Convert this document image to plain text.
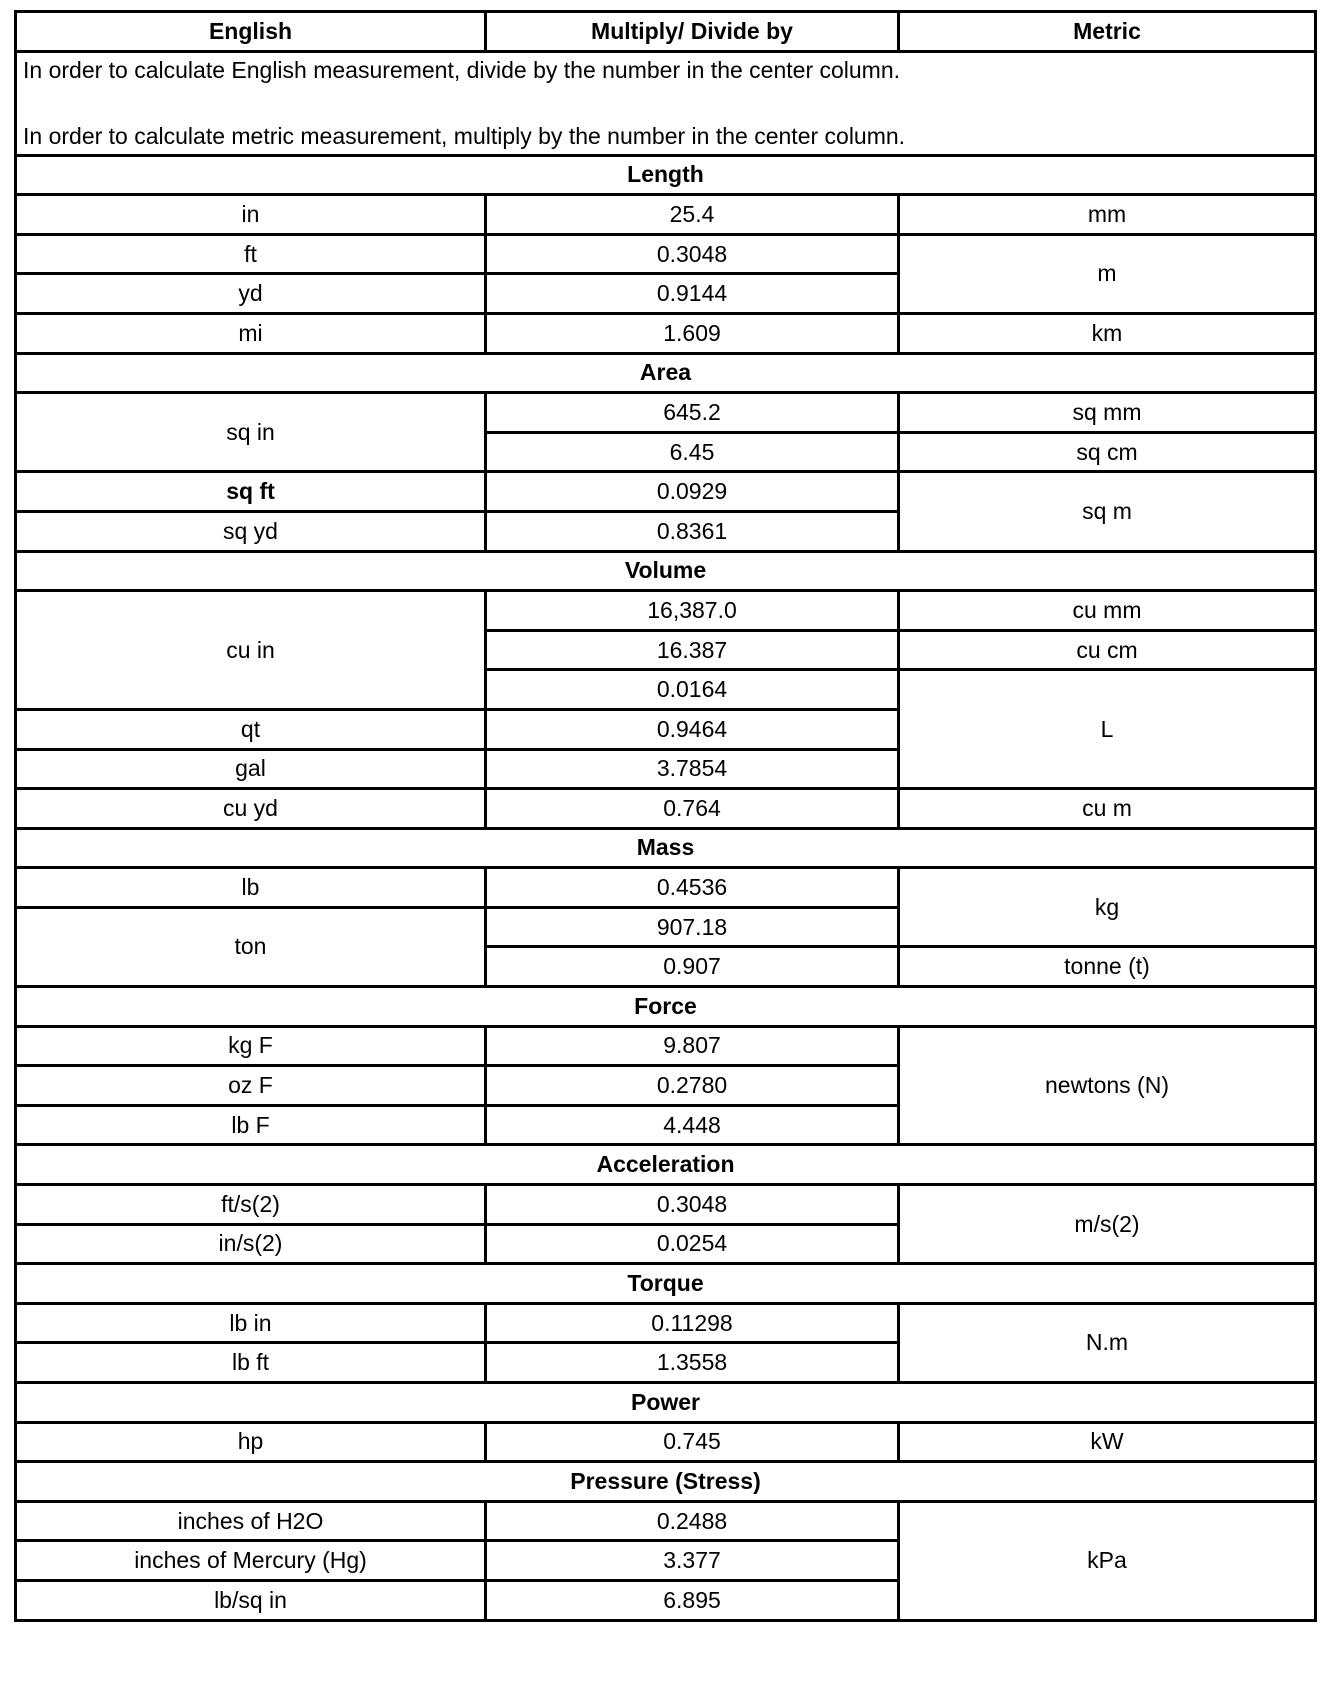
English	Multiply/ Divide by	Metric

In order to calculate English measurement, divide by the number in the center column.
In order to calculate metric measurement, multiply by the number in the center column.		

Length		
in	25.4	mm
ft	0.3048	m
yd	0.9144	
mi	1.609	km
Area		
sq in	645.2	sq mm
	6.45	sq cm
sq ft	0.0929	sq m
sq yd	0.8361	
Volume		
cu in	16,387.0	cu mm
	16.387	cu cm
	0.0164	L
qt	0.9464	
gal	3.7854	
cu yd	0.764	cu m
Mass		
lb	0.4536	kg
ton	907.18	
	0.907	tonne (t)
Force		
kg F	9.807	newtons (N)
oz F	0.2780	
lb F	4.448	
Acceleration		
ft/s(2)	0.3048	m/s(2)
in/s(2)	0.0254	
Torque		
lb in	0.11298	N.m
lb ft	1.3558	
Power		
hp	0.745	kW
Pressure (Stress)		
inches of H2O	0.2488	kPa
inches of Mercury (Hg)	3.377	
lb/sq in	6.895	
